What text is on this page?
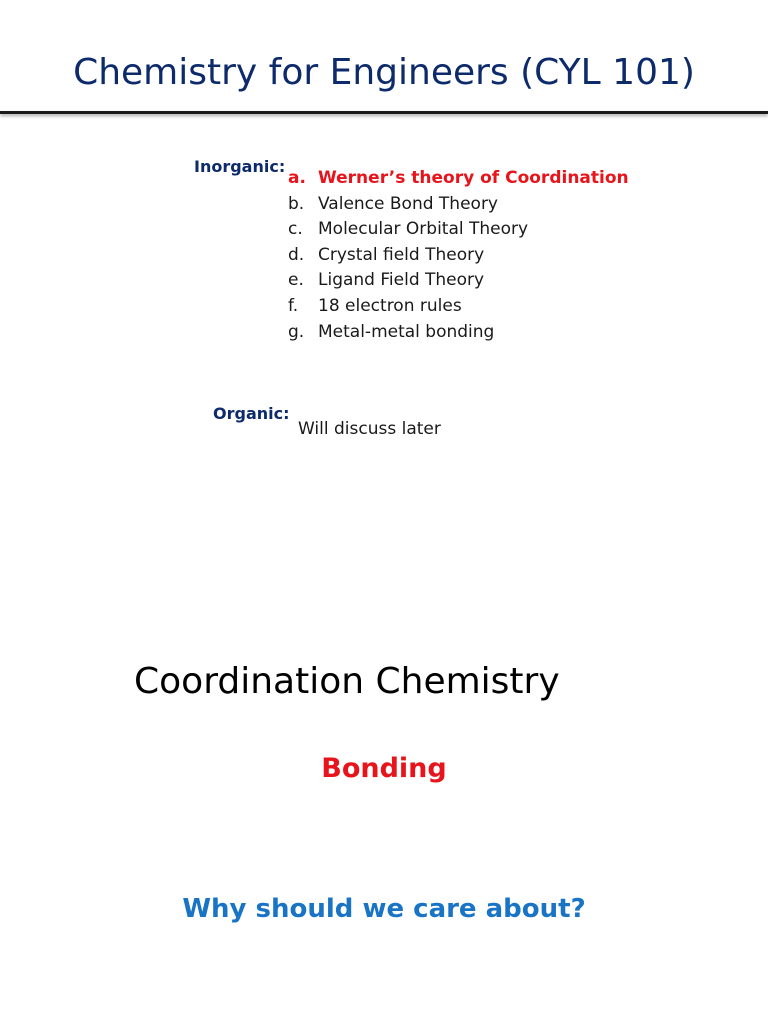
Chemistry for Engineers (CYL 101)
Inorganic:
a. Werner’s theory of Coordination
b. Valence Bond Theory
c. Molecular Orbital Theory
d. Crystal field Theory
e. Ligand Field Theory
f.	18 electron rules
g. Metal-metal bonding
Organic:
Will discuss later
Coordination Chemistry
Bonding
Why should we care about?
